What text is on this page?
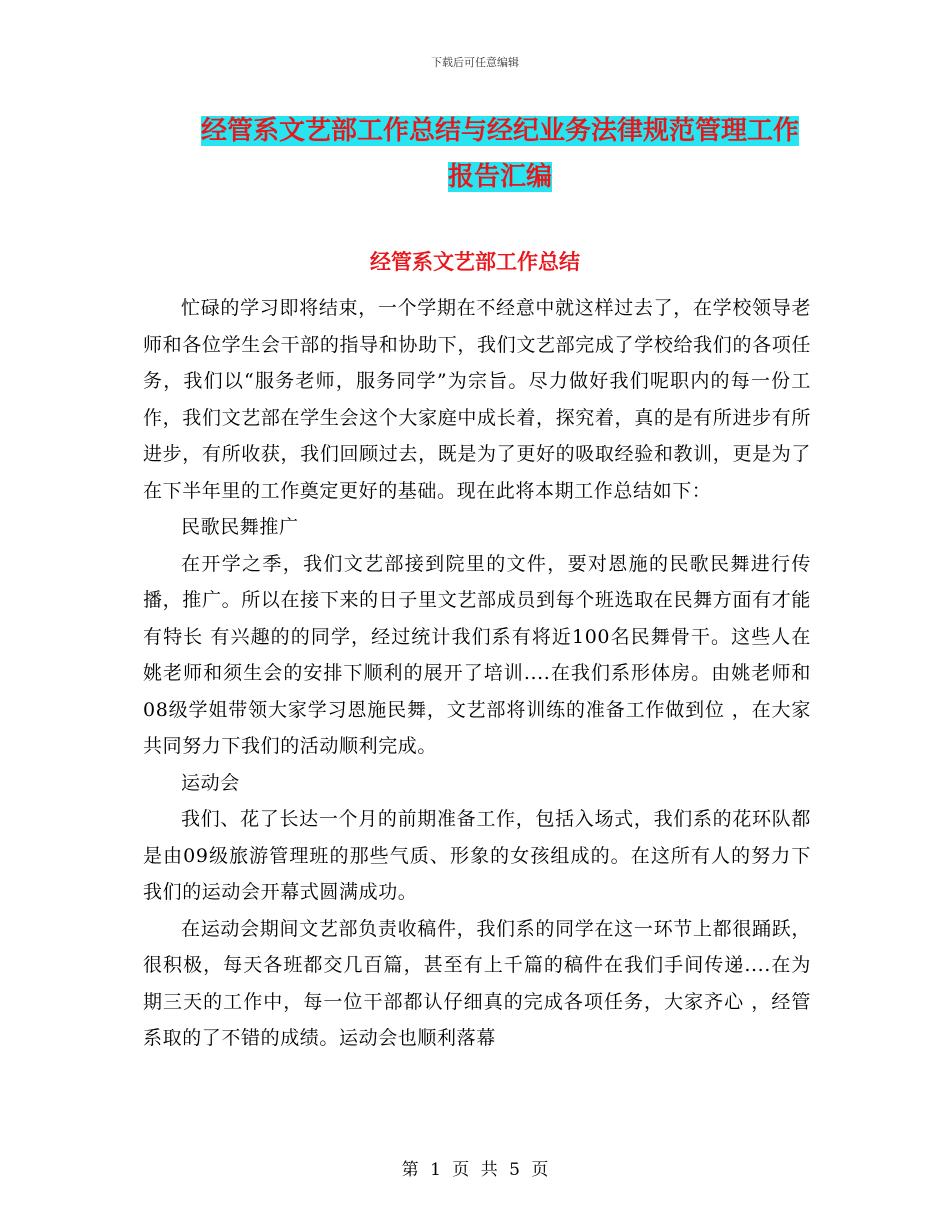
下载后可任意编辑
经管系文艺部工作总结与经纪业务法律规范管理工作
报告汇编
经管系文艺部工作总结

忙碌的学习即将结束，一个学期在不经意中就这样过去了，在学校领导老师和各位学生会干部的指导和协助下，我们文艺部完成了学校给我们的各项任务，我们以“服务老师，服务同学”为宗旨。尽力做好我们呢职内的每一份工作，我们文艺部在学生会这个大家庭中成长着，探究着，真的是有所进步有所进步，有所收获，我们回顾过去，既是为了更好的吸取经验和教训，更是为了在下半年里的工作奠定更好的基础。现在此将本期工作总结如下：

民歌民舞推广

在开学之季，我们文艺部接到院里的文件，要对恩施的民歌民舞进行传播，推广。所以在接下来的日子里文艺部成员到每个班选取在民舞方面有才能有特长 有兴趣的的同学，经过统计我们系有将近100名民舞骨干。这些人在姚老师和须生会的安排下顺利的展开了培训....在我们系形体房。由姚老师和08级学姐带领大家学习恩施民舞，文艺部将训练的准备工作做到位 ，在大家共同努力下我们的活动顺利完成。

运动会

我们、花了长达一个月的前期准备工作，包括入场式，我们系的花环队都是由09级旅游管理班的那些气质、形象的女孩组成的。在这所有人的努力下我们的运动会开幕式圆满成功。

在运动会期间文艺部负责收稿件，我们系的同学在这一环节上都很踊跃，很积极，每天各班都交几百篇，甚至有上千篇的稿件在我们手间传递....在为期三天的工作中，每一位干部都认仔细真的完成各项任务，大家齐心 ，经管系取的了不错的成绩。运动会也顺利落幕

第 1 页 共 5 页
